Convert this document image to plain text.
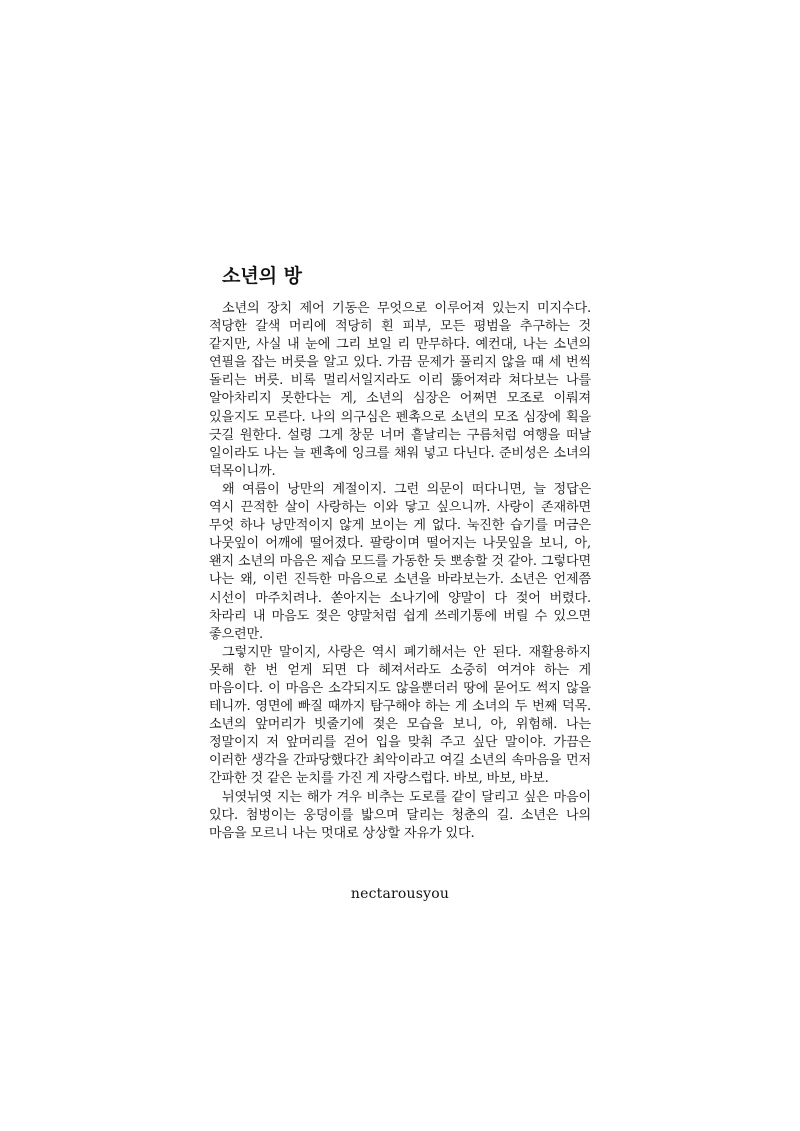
소년의 방

소년의 장치 제어 기동은 무엇으로 이루어져 있는지 미지수다. 적당한 갈색 머리에 적당히 흰 피부, 모든 평범을 추구하는 것 같지만, 사실 내 눈에 그리 보일 리 만무하다. 예컨대, 나는 소년의 연필을 잡는 버릇을 알고 있다. 가끔 문제가 풀리지 않을 때 세 번씩 돌리는 버릇. 비록 멀리서일지라도 이리 뚫어져라 쳐다보는 나를 알아차리지 못한다는 게, 소년의 심장은 어쩌면 모조로 이뤄져 있을지도 모른다. 나의 의구심은 펜촉으로 소년의 모조 심장에 획을 긋길 원한다. 설령 그게 창문 너머 흩날리는 구름처럼 여행을 떠날 일이라도 나는 늘 펜촉에 잉크를 채워 넣고 다닌다. 준비성은 소녀의 덕목이니까.

왜 여름이 낭만의 계절이지. 그런 의문이 떠다니면, 늘 정답은 역시 끈적한 살이 사랑하는 이와 닿고 싶으니까. 사랑이 존재하면 무엇 하나 낭만적이지 않게 보이는 게 없다. 눅진한 습기를 머금은 나뭇잎이 어깨에 떨어졌다. 팔랑이며 떨어지는 나뭇잎을 보니, 아, 왠지 소년의 마음은 제습 모드를 가동한 듯 뽀송할 것 같아. 그렇다면 나는 왜, 이런 진득한 마음으로 소년을 바라보는가. 소년은 언제쯤 시선이 마주치려나. 쏟아지는 소나기에 양말이 다 젖어 버렸다. 차라리 내 마음도 젖은 양말처럼 쉽게 쓰레기통에 버릴 수 있으면 좋으련만.

그렇지만 말이지, 사랑은 역시 폐기해서는 안 된다. 재활용하지 못해 한 번 얻게 되면 다 헤져서라도 소중히 여겨야 하는 게 마음이다. 이 마음은 소각되지도 않을뿐더러 땅에 묻어도 썩지 않을 테니까. 영면에 빠질 때까지 탐구해야 하는 게 소녀의 두 번째 덕목. 소년의 앞머리가 빗줄기에 젖은 모습을 보니, 아, 위험해. 나는 정말이지 저 앞머리를 걷어 입을 맞춰 주고 싶단 말이야. 가끔은 이러한 생각을 간파당했다간 최악이라고 여길 소년의 속마음을 먼저 간파한 것 같은 눈치를 가진 게 자랑스럽다. 바보, 바보, 바보.

뉘엿뉘엿 지는 해가 겨우 비추는 도로를 같이 달리고 싶은 마음이 있다. 첨벙이는 웅덩이를 밟으며 달리는 청춘의 길. 소년은 나의 마음을 모르니 나는 멋대로 상상할 자유가 있다.

nectarousyou
